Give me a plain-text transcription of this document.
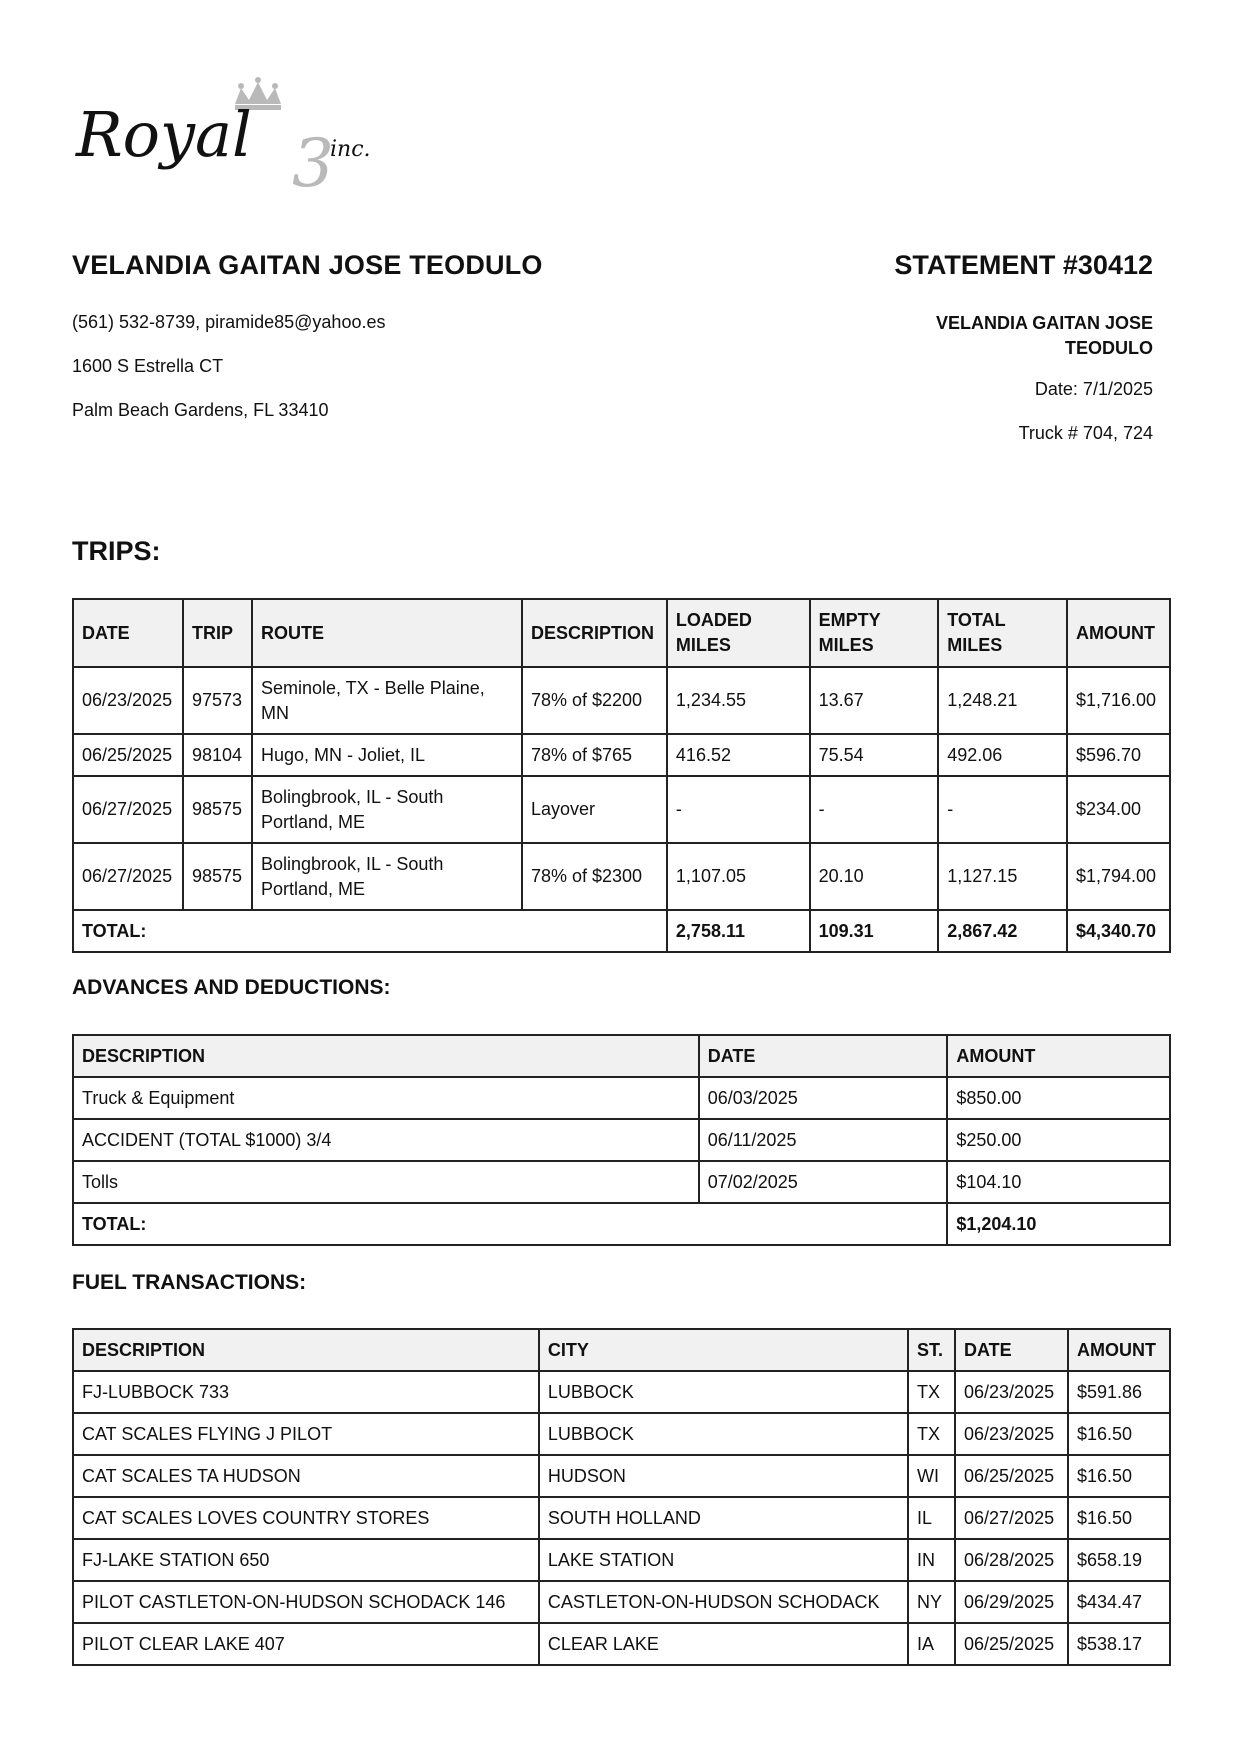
3
Royal	inc.
VELANDIA GAITAN JOSE TEODULO	STATEMENT #30412
(561) 532-8739, piramide85@yahoo.es
1600 S Estrella CT
Palm Beach Gardens, FL 33410
VELANDIA GAITAN JOSE
TEODULO
Date: 7/1/2025
Truck # 704, 724
TRIPS:
DATE	TRIP	ROUTE	DESCRIPTION	LOADED MILES	EMPTY MILES	TOTAL MILES	AMOUNT
06/23/2025	97573	Seminole, TX - Belle Plaine, MN	78% of $2200	1,234.55	13.67	1,248.21	$1,716.00
06/25/2025	98104	Hugo, MN - Joliet, IL	78% of $765	416.52	75.54	492.06	$596.70
06/27/2025	98575	Bolingbrook, IL - South Portland, ME	Layover	-	-	-	$234.00
06/27/2025	98575	Bolingbrook, IL - South Portland, ME	78% of $2300	1,107.05	20.10	1,127.15	$1,794.00
TOTAL:				2,758.11	109.31	2,867.42	$4,340.70
ADVANCES AND DEDUCTIONS:
DESCRIPTION	DATE	AMOUNT
Truck & Equipment	06/03/2025	$850.00
ACCIDENT (TOTAL $1000) 3/4	06/11/2025	$250.00
Tolls	07/02/2025	$104.10
TOTAL:		$1,204.10
FUEL TRANSACTIONS:
DESCRIPTION	CITY	ST.	DATE	AMOUNT
FJ-LUBBOCK 733	LUBBOCK	TX	06/23/2025	$591.86
CAT SCALES FLYING J PILOT	LUBBOCK	TX	06/23/2025	$16.50
CAT SCALES TA HUDSON	HUDSON	WI	06/25/2025	$16.50
CAT SCALES LOVES COUNTRY STORES	SOUTH HOLLAND	IL	06/27/2025	$16.50
FJ-LAKE STATION 650	LAKE STATION	IN	06/28/2025	$658.19
PILOT CASTLETON-ON-HUDSON SCHODACK 146	CASTLETON-ON-HUDSON SCHODACK	NY	06/29/2025	$434.47
PILOT CLEAR LAKE 407	CLEAR LAKE	IA	06/25/2025	$538.17
